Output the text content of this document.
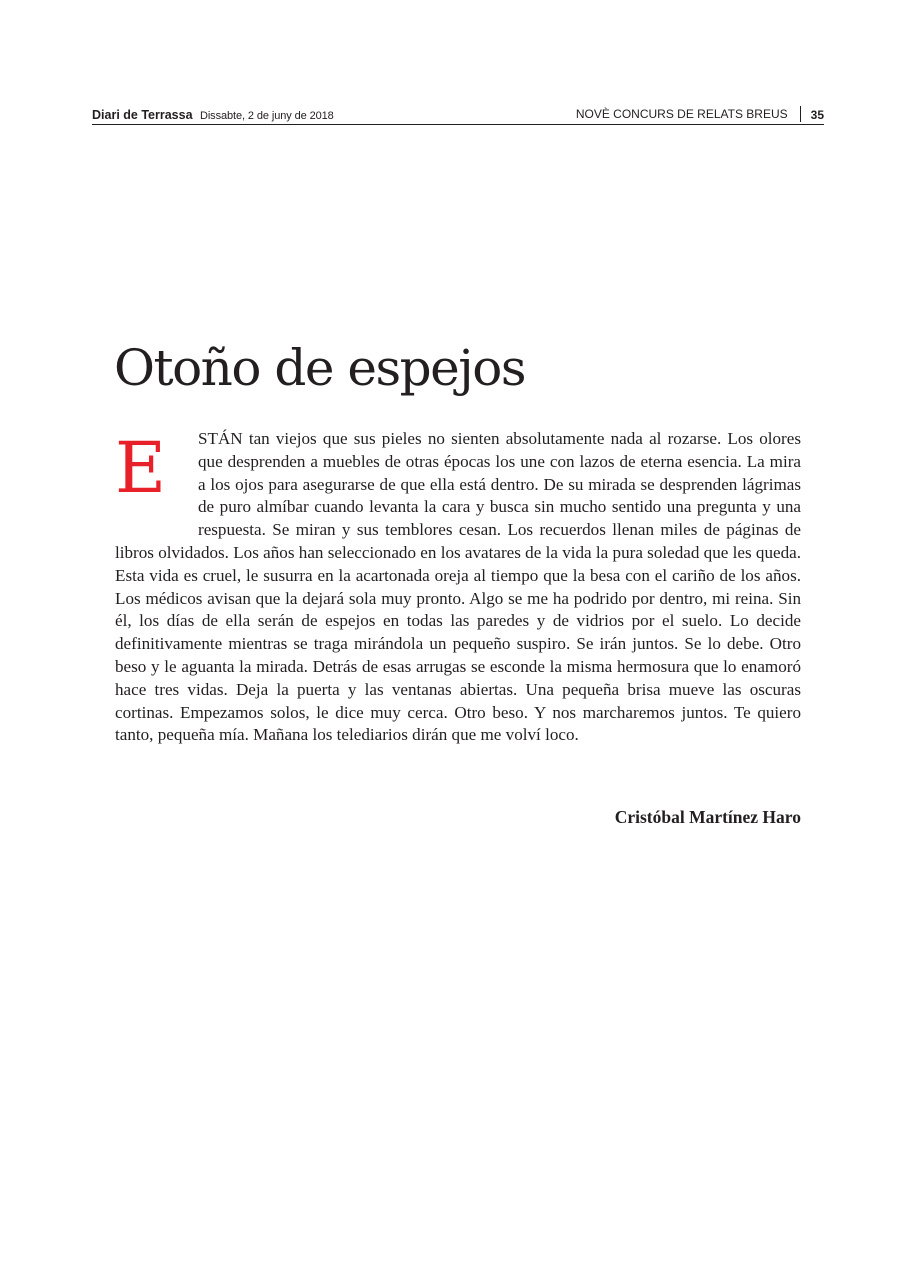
Diari de Terrassa Dissabte, 2 de juny de 2018	NOVÈ CONCURS DE RELATS BREUS 35
Otoño de espejos

E	STÁN tan viejos que sus pieles no sienten absolutamente nada al rozarse. Los olores que desprenden a muebles de otras épocas los une con lazos de eterna esencia. La mira a los ojos para asegurarse de que ella está dentro. De su mirada se desprenden lágrimas de puro almíbar cuando levanta la cara y busca sin mucho sentido una pregunta y una respuesta. Se miran y sus temblores cesan. Los recuerdos llenan miles de páginas de libros olvidados. Los años han seleccionado en los avatares de la vida la pura soledad que les queda. Esta vida es cruel, le susurra en la acartonada oreja al tiempo que la besa con el cariño de los años. Los médicos avisan que la dejará sola muy pronto. Algo se me ha podrido por dentro, mi reina. Sin él, los días de ella serán de espejos en todas las paredes y de vidrios por el suelo. Lo decide definitivamente mientras se traga mirándola un pequeño suspiro. Se irán juntos. Se lo debe. Otro beso y le aguanta la mirada. Detrás de esas arrugas se esconde la misma hermosura que lo enamoró hace tres vidas. Deja la puerta y las ventanas abiertas. Una pequeña brisa mueve las oscuras cortinas. Empezamos solos, le dice muy cerca. Otro beso. Y nos marcharemos juntos. Te quiero tanto, pequeña mía. Mañana los telediarios dirán que me volví loco.

Cristóbal Martínez Haro
